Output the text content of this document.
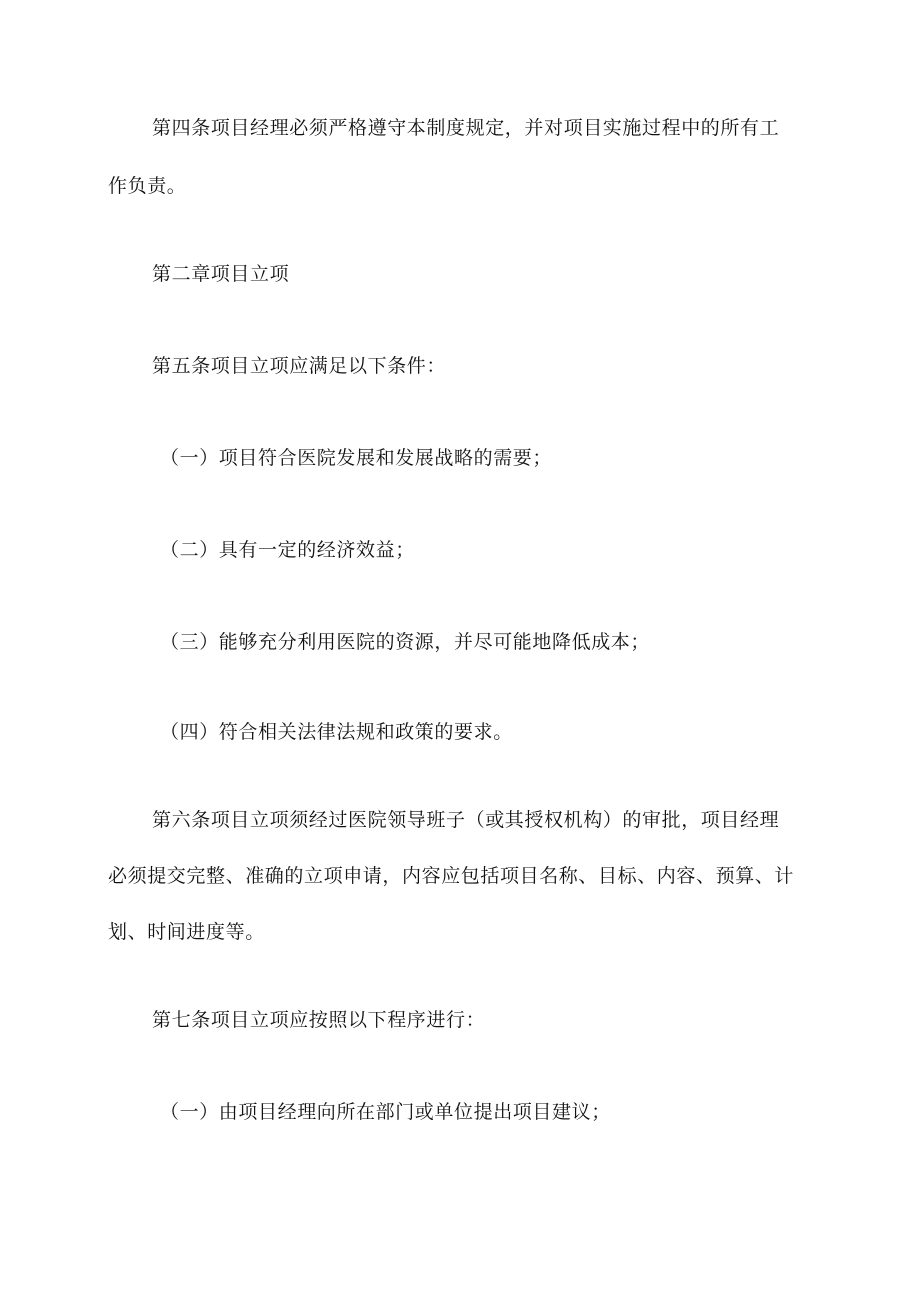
第四条项目经理必须严格遵守本制度规定，并对项目实施过程中的所有工
作负责。
第二章项目立项
第五条项目立项应满足以下条件：
（一）项目符合医院发展和发展战略的需要；
（二）具有一定的经济效益；
（三）能够充分利用医院的资源，并尽可能地降低成本；
（四）符合相关法律法规和政策的要求。
第六条项目立项须经过医院领导班子（或其授权机构）的审批，项目经理
必须提交完整、准确的立项申请，内容应包括项目名称、目标、内容、预算、计
划、时间进度等。
第七条项目立项应按照以下程序进行：
（一）由项目经理向所在部门或单位提出项目建议；
